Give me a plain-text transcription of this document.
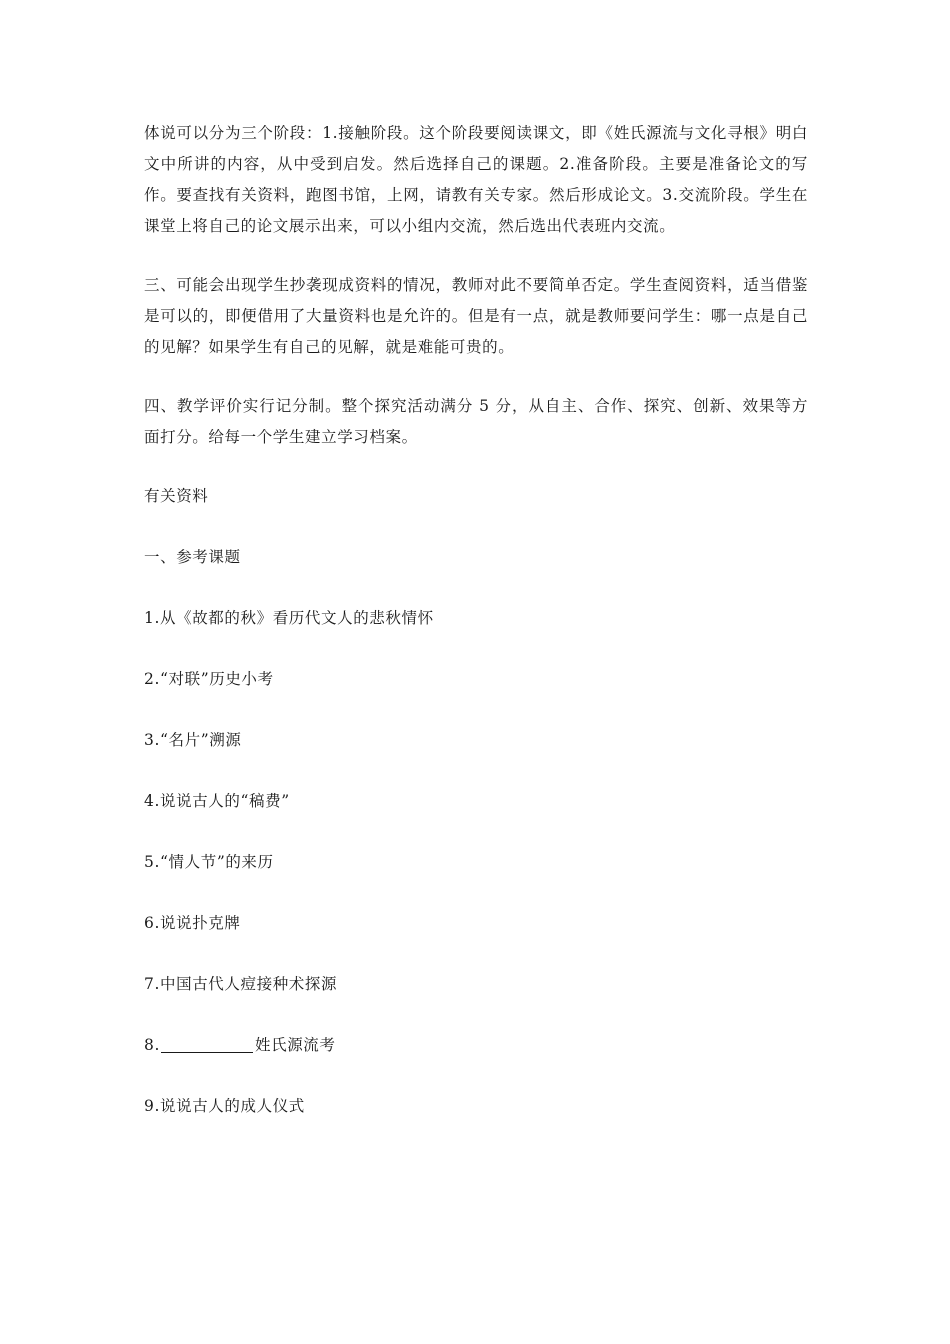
体说可以分为三个阶段：1.接触阶段。这个阶段要阅读课文，即《姓氏源流与文化寻根》明白文中所讲的内容，从中受到启发。然后选择自己的课题。2.准备阶段。主要是准备论文的写作。要查找有关资料，跑图书馆，上网，请教有关专家。然后形成论文。3.交流阶段。学生在课堂上将自己的论文展示出来，可以小组内交流，然后选出代表班内交流。

三、可能会出现学生抄袭现成资料的情况，教师对此不要简单否定。学生查阅资料，适当借鉴是可以的，即便借用了大量资料也是允许的。但是有一点，就是教师要问学生：哪一点是自己的见解？如果学生有自己的见解，就是难能可贵的。

四、教学评价实行记分制。整个探究活动满分 5 分，从自主、合作、探究、创新、效果等方面打分。给每一个学生建立学习档案。

有关资料

一、参考课题

1.从《故都的秋》看历代文人的悲秋情怀

2.“对联”历史小考

3.“名片”溯源

4.说说古人的“稿费”

5.“情人节”的来历

6.说说扑克牌

7.中国古代人痘接种术探源

8.	姓氏源流考

9.说说古人的成人仪式
